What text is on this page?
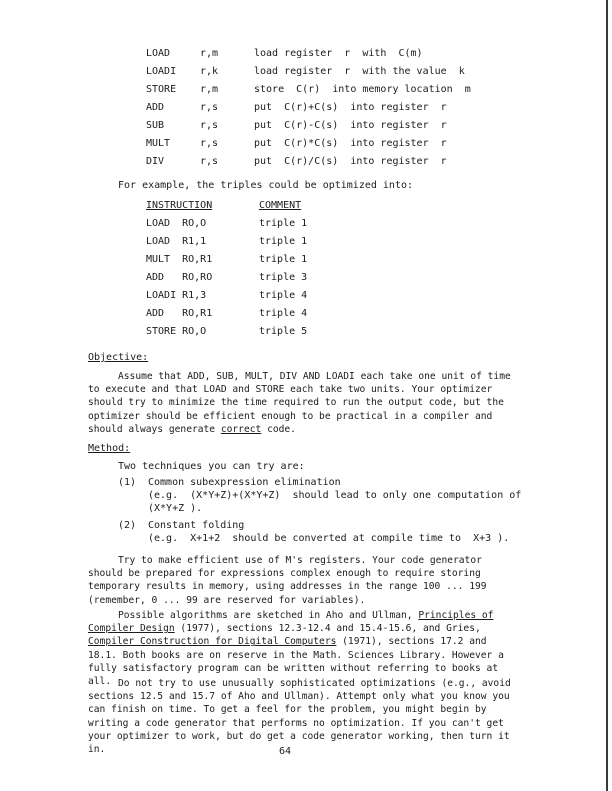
LOAD	r,m	load register  r  with  C(m)
LOADI r,k	load register  r  with the value  k
STORE r,m	store  C(r)  into memory location  m
ADD	r,s	put  C(r)+C(s)  into register  r
SUB	r,s	put  C(r)-C(s)  into register  r
MULT	r,s	put  C(r)*C(s)  into register  r
DIV	r,s	put  C(r)/C(s)  into register  r
For example, the triples could be optimized into:
INSTRUCTION	COMMENT
LOAD  RO,O	triple 1
LOAD  R1,1	triple 1
MULT  RO,R1	triple 1
ADD   RO,RO	triple 3
LOADI R1,3	triple 4
ADD   RO,R1	triple 4
STORE RO,O	triple 5
Objective:
Assume that ADD, SUB, MULT, DIV AND LOADI each take one unit of time to execute and that LOAD and STORE each take two units. Your optimizer should try to minimize the time required to run the output code, but the optimizer should be efficient enough to be practical in a compiler and should always generate correct code.
Method:
Two techniques you can try are:
(1) Common subexpression elimination
(e.g.  (X*Y+Z)+(X*Y+Z)  should lead to only one computation of
(X*Y+Z ).
(2) Constant folding
(e.g.  X+1+2  should be converted at compile time to  X+3 ).
Try to make efficient use of M's registers. Your code generator should be prepared for expressions complex enough to require storing temporary results in memory, using addresses in the range 100 ... 199 (remember, 0 ... 99 are reserved for variables).
Possible algorithms are sketched in Aho and Ullman, Principles of Compiler Design (1977), sections 12.3-12.4 and 15.4-15.6, and Gries, Compiler Construction for Digital Computers (1971), sections 17.2 and 18.1. Both books are on reserve in the Math. Sciences Library. However a fully satisfactory program can be written without referring to books at all. Do not try to use unusually sophisticated optimizations (e.g., avoid sections 12.5 and 15.7 of Aho and Ullman). Attempt only what you know you can finish on time. To get a feel for the problem, you might begin by writing a code generator that performs no optimization. If you can't get your optimizer to work, but do get a code generator working, then turn it in.	64
